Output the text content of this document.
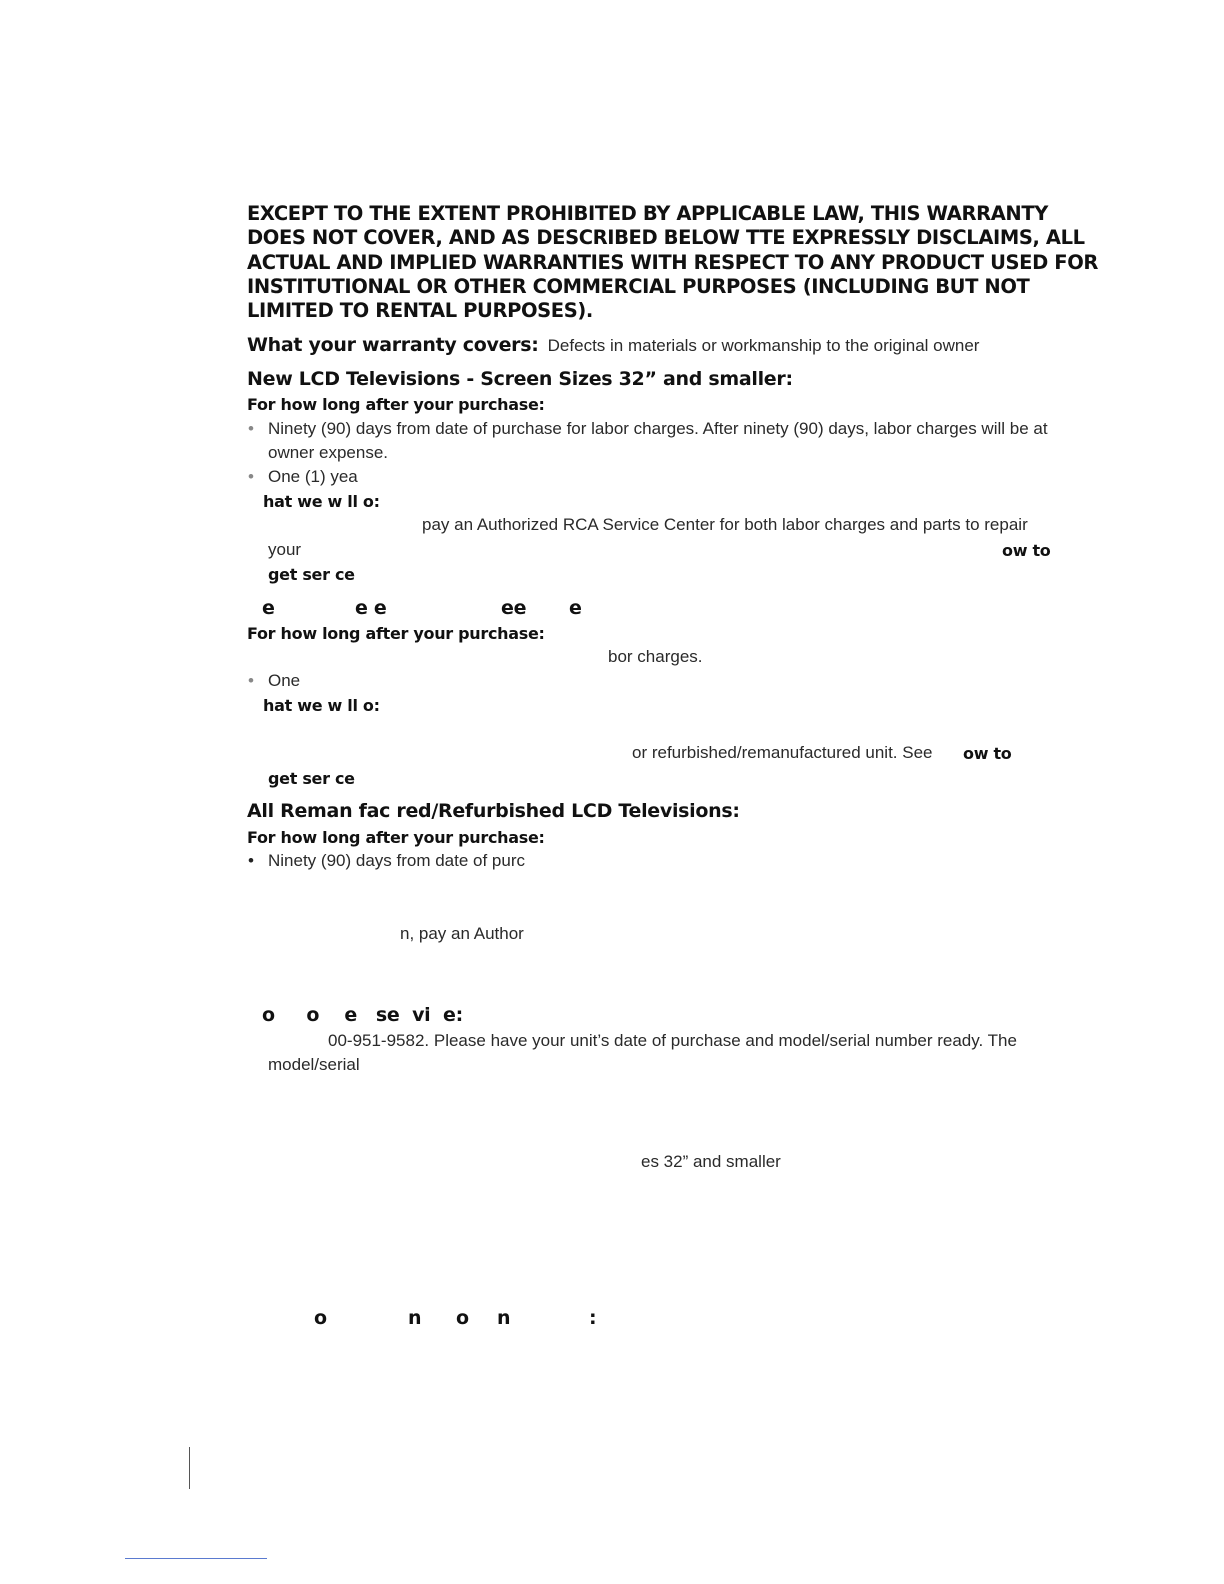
EXCEPT TO THE EXTENT PROHIBITED BY APPLICABLE LAW, THIS WARRANTY
DOES NOT COVER, AND AS DESCRIBED BELOW TTE EXPRESSLY DISCLAIMS, ALL
ACTUAL AND IMPLIED WARRANTIES WITH RESPECT TO ANY PRODUCT USED FOR
INSTITUTIONAL OR OTHER COMMERCIAL PURPOSES (INCLUDING BUT NOT
LIMITED TO RENTAL PURPOSES).
What your warranty covers: Defects in materials or workmanship to the original owner
New LCD Televisions - Screen Sizes 32” and smaller:
For how long after your purchase:
• Ninety (90) days from date of purchase for labor charges. After ninety (90) days, labor charges will be at
owner expense.
• One (1) yea
hat we w ll o:
pay an Authorized RCA Service Center for both labor charges and parts to repair
your	ow to
get ser ce
e	e e	ee e
For how long after your purchase:
bor charges.
• One
hat we w ll o:
or refurbished/remanufactured unit. See ow to
get ser ce
All Reman fac red/Refurbished LCD Televisions:
For how long after your purchase:
• Ninety (90) days from date of purc
n, pay an Author
o     o    e   se  vi  e:
00-951-9582. Please have your unit’s date of purchase and model/serial number ready. The
model/serial
es 32” and smaller
o	n o n	:
